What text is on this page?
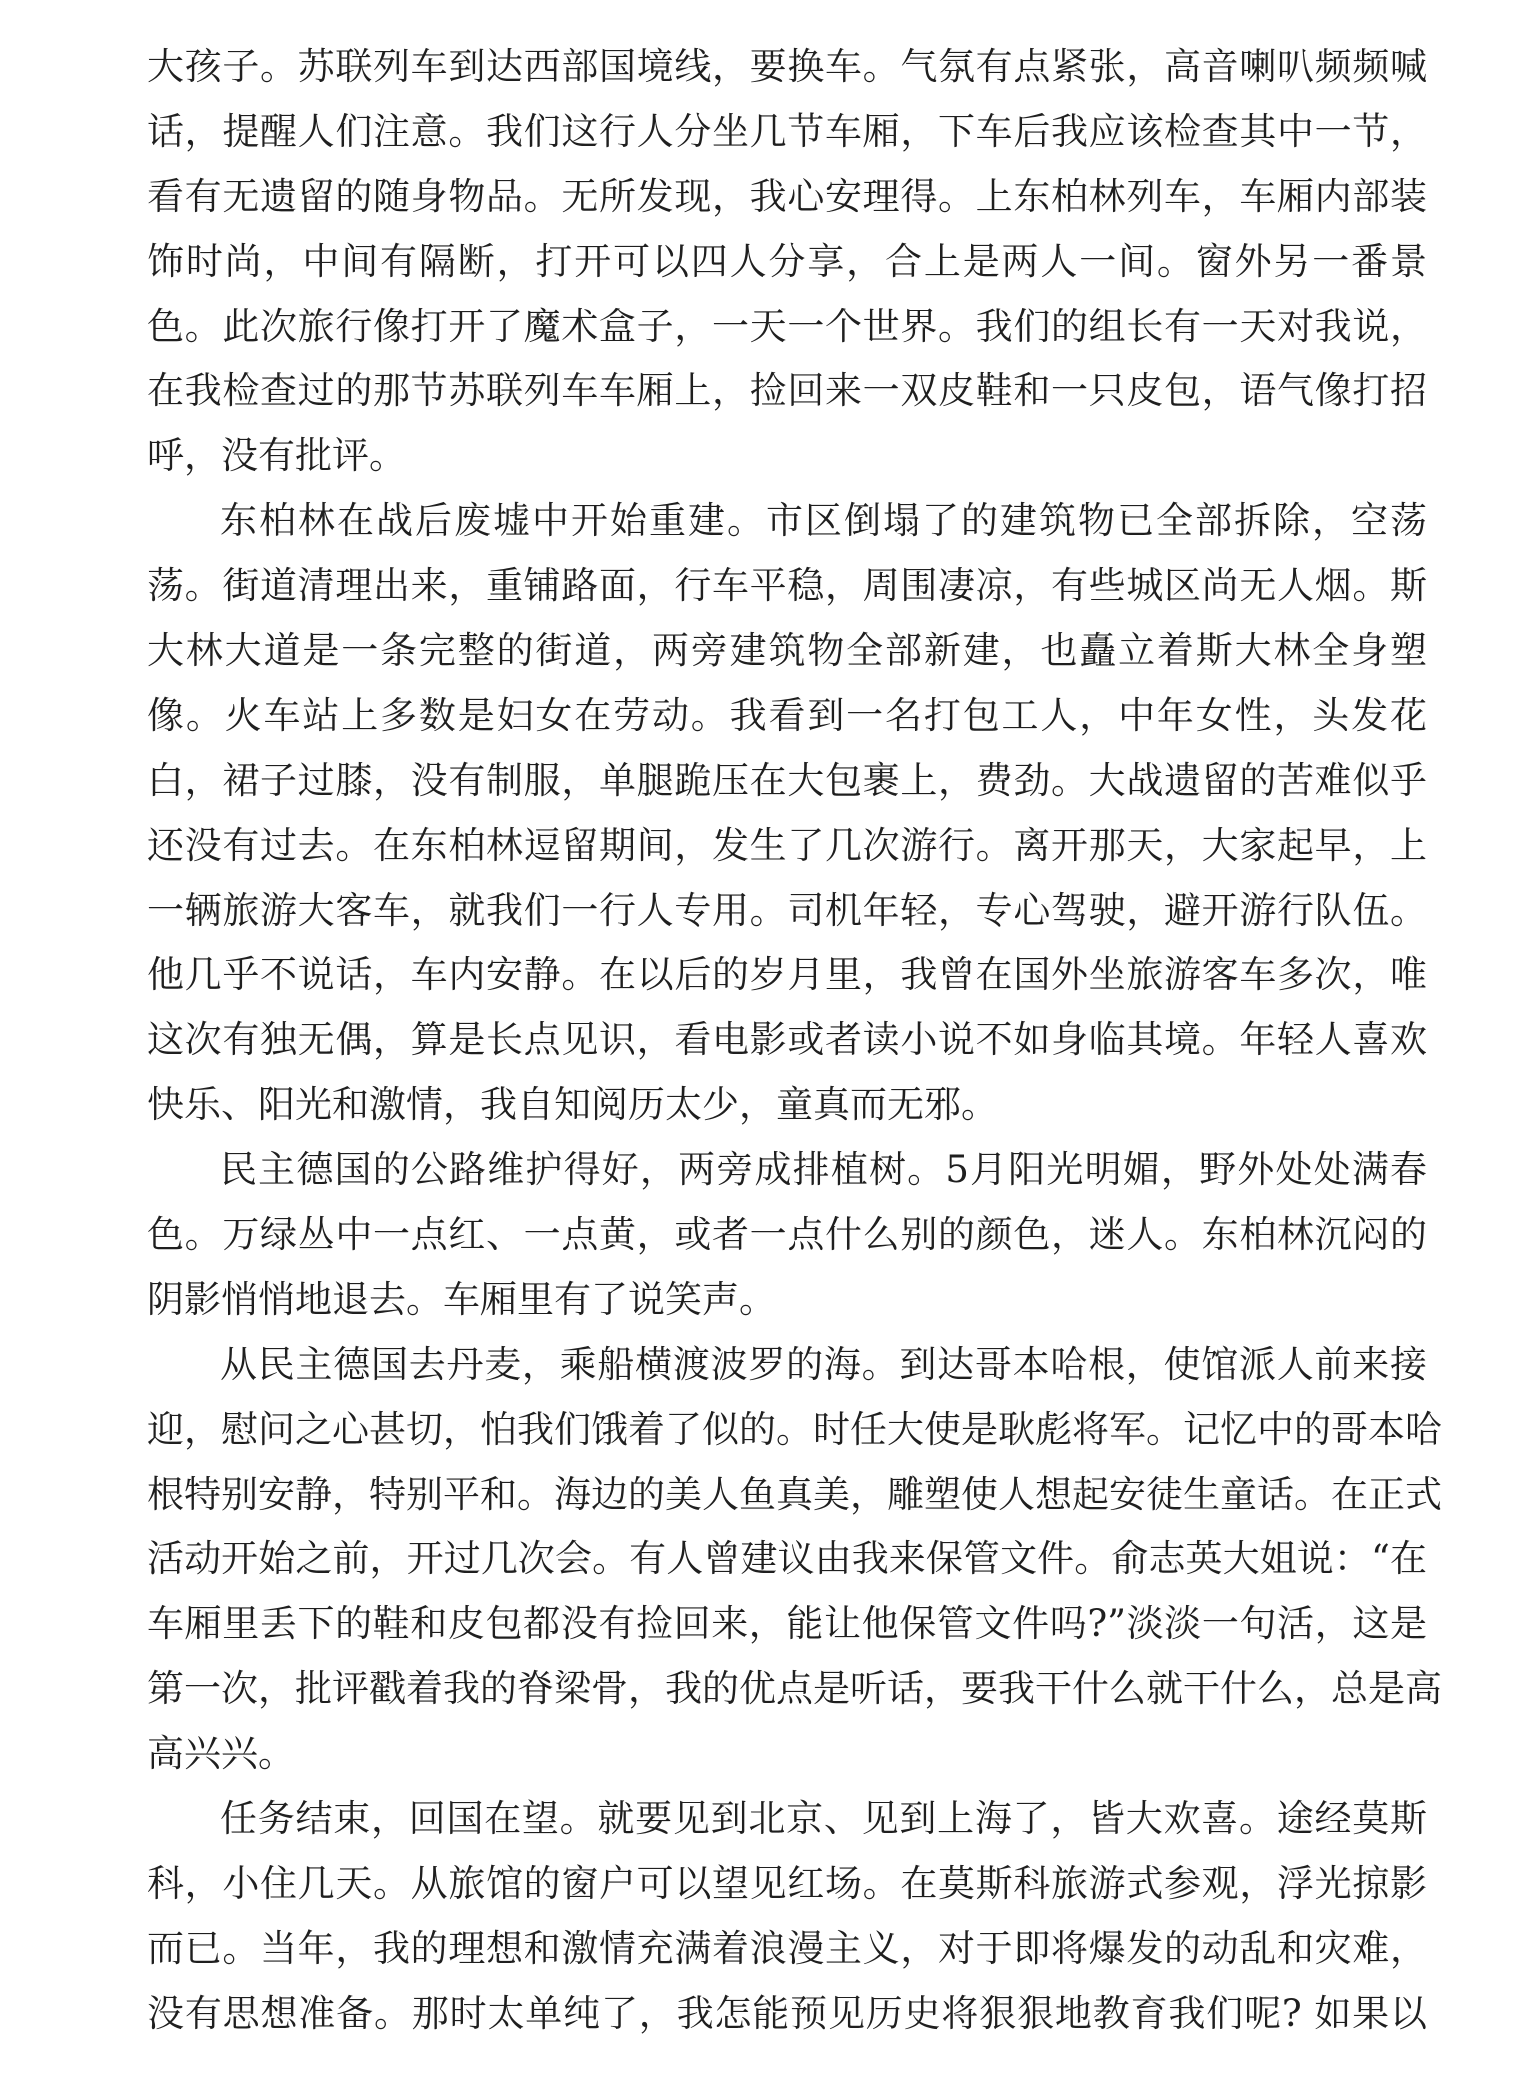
大孩子。苏联列车到达西部国境线，要换车。气氛有点紧张，高音喇叭频频喊
话，提醒人们注意。我们这行人分坐几节车厢，下车后我应该检查其中一节，
看有无遗留的随身物品。无所发现，我心安理得。上东柏林列车，车厢内部装
饰时尚，中间有隔断，打开可以四人分享，合上是两人一间。窗外另一番景
色。此次旅行像打开了魔术盒子，一天一个世界。我们的组长有一天对我说，
在我检查过的那节苏联列车车厢上，捡回来一双皮鞋和一只皮包，语气像打招
呼，没有批评。
东柏林在战后废墟中开始重建。市区倒塌了的建筑物已全部拆除，空荡
荡。街道清理出来，重铺路面，行车平稳，周围凄凉，有些城区尚无人烟。斯
大林大道是一条完整的街道，两旁建筑物全部新建，也矗立着斯大林全身塑
像。火车站上多数是妇女在劳动。我看到一名打包工人，中年女性，头发花
白，裙子过膝，没有制服，单腿跪压在大包裹上，费劲。大战遗留的苦难似乎
还没有过去。在东柏林逗留期间，发生了几次游行。离开那天，大家起早，上
一辆旅游大客车，就我们一行人专用。司机年轻，专心驾驶，避开游行队伍。
他几乎不说话，车内安静。在以后的岁月里，我曾在国外坐旅游客车多次，唯
这次有独无偶，算是长点见识，看电影或者读小说不如身临其境。年轻人喜欢
快乐、阳光和激情，我自知阅历太少，童真而无邪。
民主德国的公路维护得好，两旁成排植树。5月阳光明媚，野外处处满春
色。万绿丛中一点红、一点黄，或者一点什么别的颜色，迷人。东柏林沉闷的
阴影悄悄地退去。车厢里有了说笑声。
从民主德国去丹麦，乘船横渡波罗的海。到达哥本哈根，使馆派人前来接
迎，慰问之心甚切，怕我们饿着了似的。时任大使是耿彪将军。记忆中的哥本哈
根特别安静，特别平和。海边的美人鱼真美，雕塑使人想起安徒生童话。在正式
活动开始之前，开过几次会。有人曾建议由我来保管文件。俞志英大姐说：“在
车厢里丢下的鞋和皮包都没有捡回来，能让他保管文件吗?”淡淡一句活，这是
第一次，批评戳着我的脊梁骨，我的优点是听话，要我干什么就干什么，总是高
高兴兴。
任务结束，回国在望。就要见到北京、见到上海了，皆大欢喜。途经莫斯
科，小住几天。从旅馆的窗户可以望见红场。在莫斯科旅游式参观，浮光掠影
而已。当年，我的理想和激情充满着浪漫主义，对于即将爆发的动乱和灾难，
没有思想准备。那时太单纯了，我怎能预见历史将狠狠地教育我们呢? 如果以
